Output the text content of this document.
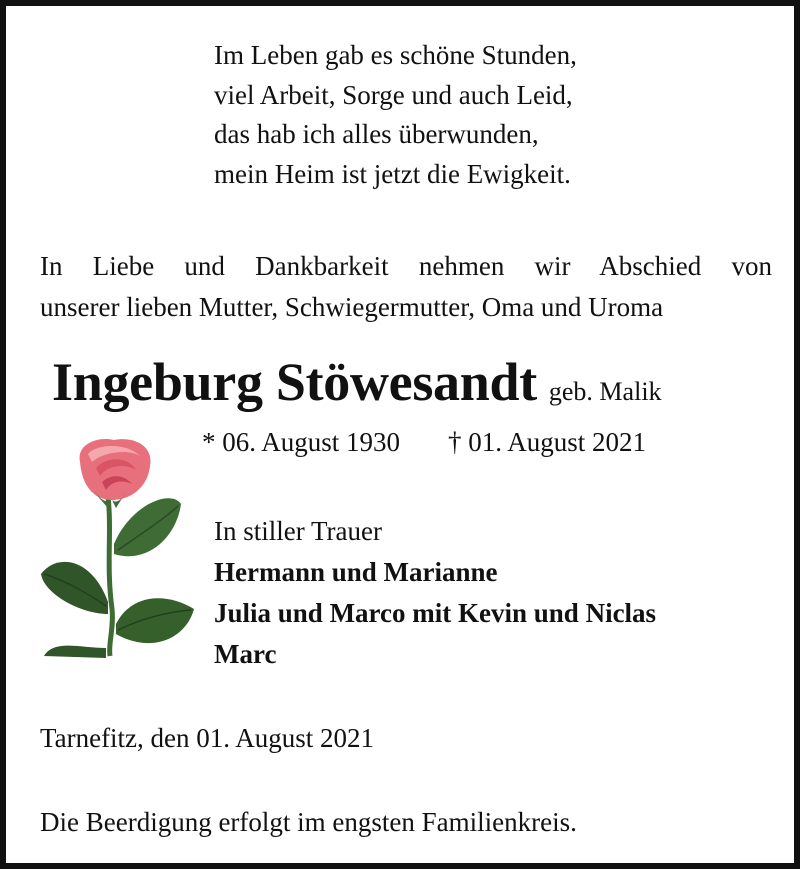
Im Leben gab es schöne Stunden,
viel Arbeit, Sorge und auch Leid,
das hab ich alles überwunden,
mein Heim ist jetzt die Ewigkeit.
In Liebe und Dankbarkeit nehmen wir Abschied von
unserer lieben Mutter, Schwiegermutter, Oma und Uroma
Ingeburg Stöwesandt geb. Malik
* 06. August 1930 † 01. August 2021
In stiller Trauer
Hermann und Marianne
Julia und Marco mit Kevin und Niclas
Marc
Tarnefitz, den 01. August 2021
Die Beerdigung erfolgt im engsten Familienkreis.
